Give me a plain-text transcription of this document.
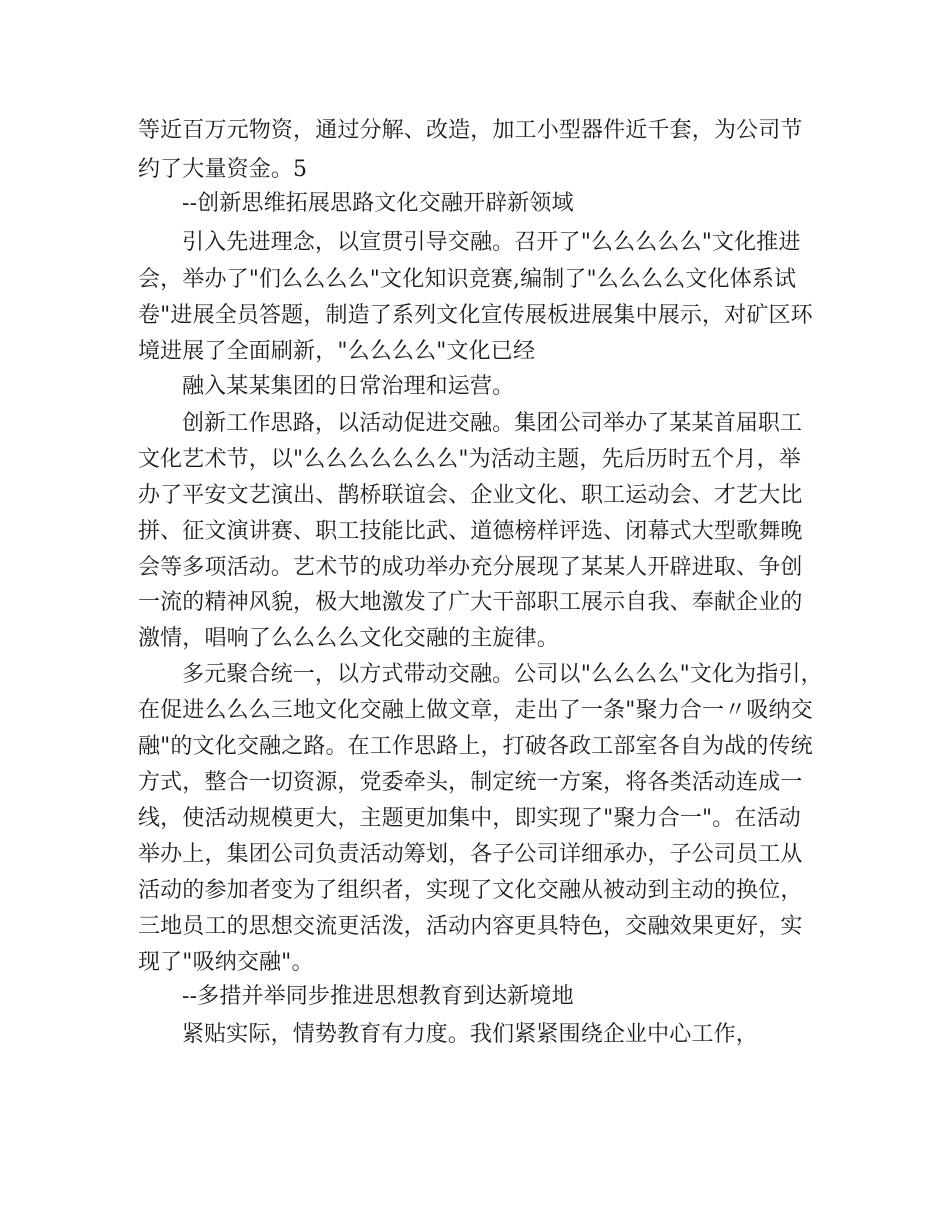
等近百万元物资，通过分解、改造，加工小型器件近千套，为公司节
约了大量资金。5
--创新思维拓展思路文化交融开辟新领域
引入先进理念，以宣贯引导交融。召开了"么么么么么"文化推进
会，举办了"们么么么么"文化知识竞赛,编制了"么么么么文化体系试
卷"进展全员答题，制造了系列文化宣传展板进展集中展示，对矿区环
境进展了全面刷新，"么么么么"文化已经
融入某某集团的日常治理和运营。
创新工作思路，以活动促进交融。集团公司举办了某某首届职工
文化艺术节，以"么么么么么么么"为活动主题，先后历时五个月，举
办了平安文艺演出、鹊桥联谊会、企业文化、职工运动会、才艺大比
拼、征文演讲赛、职工技能比武、道德榜样评选、闭幕式大型歌舞晚
会等多项活动。艺术节的成功举办充分展现了某某人开辟进取、争创
一流的精神风貌，极大地激发了广大干部职工展示自我、奉献企业的
激情，唱响了么么么么文化交融的主旋律。
多元聚合统一，以方式带动交融。公司以"么么么么"文化为指引，
在促进么么么三地文化交融上做文章，走出了一条"聚力合一〃吸纳交
融"的文化交融之路。在工作思路上，打破各政工部室各自为战的传统
方式，整合一切资源，党委牵头，制定统一方案，将各类活动连成一
线，使活动规模更大，主题更加集中，即实现了"聚力合一"。在活动
举办上，集团公司负责活动筹划，各子公司详细承办，子公司员工从
活动的参加者变为了组织者，实现了文化交融从被动到主动的换位，
三地员工的思想交流更活泼，活动内容更具特色，交融效果更好，实
现了"吸纳交融"。
--多措并举同步推进思想教育到达新境地
紧贴实际，情势教育有力度。我们紧紧围绕企业中心工作，
